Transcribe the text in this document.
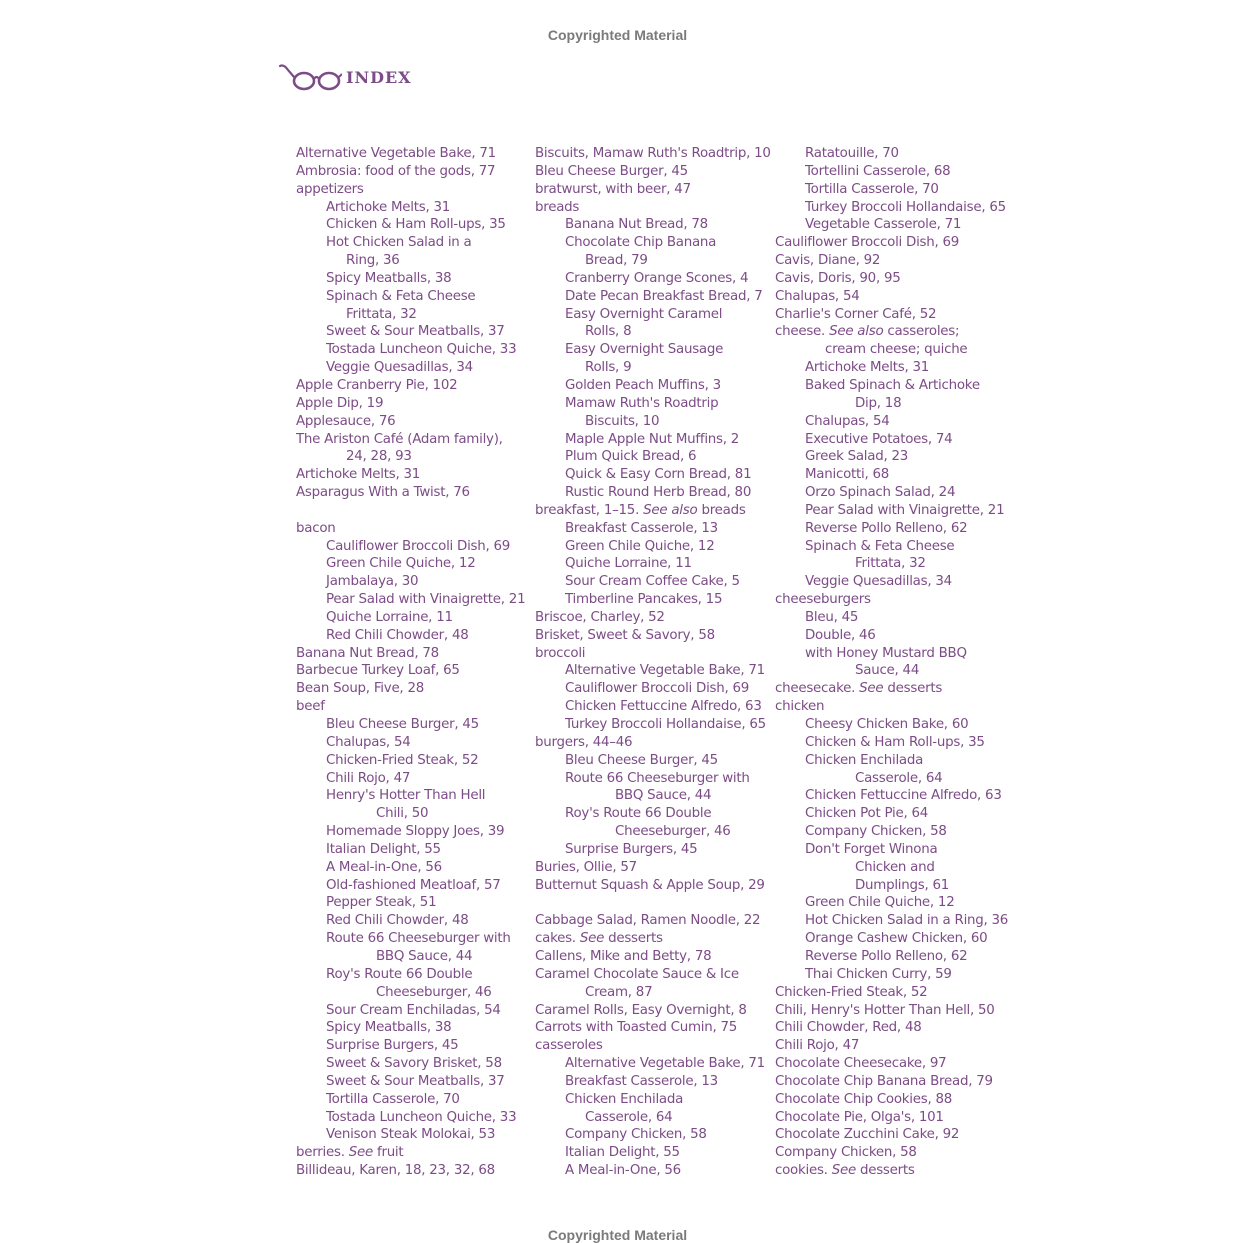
Copyrighted Material
INDEX
Alternative Vegetable Bake, 71
Ambrosia: food of the gods, 77
appetizers
Artichoke Melts, 31
Chicken & Ham Roll-ups, 35
Hot Chicken Salad in a
Ring, 36
Spicy Meatballs, 38
Spinach & Feta Cheese
Frittata, 32
Sweet & Sour Meatballs, 37
Tostada Luncheon Quiche, 33
Veggie Quesadillas, 34
Apple Cranberry Pie, 102
Apple Dip, 19
Applesauce, 76
The Ariston Café (Adam family),
24, 28, 93
Artichoke Melts, 31
Asparagus With a Twist, 76
bacon
Cauliflower Broccoli Dish, 69
Green Chile Quiche, 12
Jambalaya, 30
Pear Salad with Vinaigrette, 21
Quiche Lorraine, 11
Red Chili Chowder, 48
Banana Nut Bread, 78
Barbecue Turkey Loaf, 65
Bean Soup, Five, 28
beef
Bleu Cheese Burger, 45
Chalupas, 54
Chicken-Fried Steak, 52
Chili Rojo, 47
Henry's Hotter Than Hell
Chili, 50
Homemade Sloppy Joes, 39
Italian Delight, 55
A Meal-in-One, 56
Old-fashioned Meatloaf, 57
Pepper Steak, 51
Red Chili Chowder, 48
Route 66 Cheeseburger with
BBQ Sauce, 44
Roy's Route 66 Double
Cheeseburger, 46
Sour Cream Enchiladas, 54
Spicy Meatballs, 38
Surprise Burgers, 45
Sweet & Savory Brisket, 58
Sweet & Sour Meatballs, 37
Tortilla Casserole, 70
Tostada Luncheon Quiche, 33
Venison Steak Molokai, 53
berries. See fruit
Billideau, Karen, 18, 23, 32, 68
Biscuits, Mamaw Ruth's Roadtrip, 10
Bleu Cheese Burger, 45
bratwurst, with beer, 47
breads
Banana Nut Bread, 78
Chocolate Chip Banana
Bread, 79
Cranberry Orange Scones, 4
Date Pecan Breakfast Bread, 7
Easy Overnight Caramel
Rolls, 8
Easy Overnight Sausage
Rolls, 9
Golden Peach Muffins, 3
Mamaw Ruth's Roadtrip
Biscuits, 10
Maple Apple Nut Muffins, 2
Plum Quick Bread, 6
Quick & Easy Corn Bread, 81
Rustic Round Herb Bread, 80
breakfast, 1–15. See also breads
Breakfast Casserole, 13
Green Chile Quiche, 12
Quiche Lorraine, 11
Sour Cream Coffee Cake, 5
Timberline Pancakes, 15
Briscoe, Charley, 52
Brisket, Sweet & Savory, 58
broccoli
Alternative Vegetable Bake, 71
Cauliflower Broccoli Dish, 69
Chicken Fettuccine Alfredo, 63
Turkey Broccoli Hollandaise, 65
burgers, 44–46
Bleu Cheese Burger, 45
Route 66 Cheeseburger with
BBQ Sauce, 44
Roy's Route 66 Double
Cheeseburger, 46
Surprise Burgers, 45
Buries, Ollie, 57
Butternut Squash & Apple Soup, 29
Cabbage Salad, Ramen Noodle, 22
cakes. See desserts
Callens, Mike and Betty, 78
Caramel Chocolate Sauce & Ice
Cream, 87
Caramel Rolls, Easy Overnight, 8
Carrots with Toasted Cumin, 75
casseroles
Alternative Vegetable Bake, 71
Breakfast Casserole, 13
Chicken Enchilada
Casserole, 64
Company Chicken, 58
Italian Delight, 55
A Meal-in-One, 56
Ratatouille, 70
Tortellini Casserole, 68
Tortilla Casserole, 70
Turkey Broccoli Hollandaise, 65
Vegetable Casserole, 71
Cauliflower Broccoli Dish, 69
Cavis, Diane, 92
Cavis, Doris, 90, 95
Chalupas, 54
Charlie's Corner Café, 52
cheese. See also casseroles;
cream cheese; quiche
Artichoke Melts, 31
Baked Spinach & Artichoke
Dip, 18
Chalupas, 54
Executive Potatoes, 74
Greek Salad, 23
Manicotti, 68
Orzo Spinach Salad, 24
Pear Salad with Vinaigrette, 21
Reverse Pollo Relleno, 62
Spinach & Feta Cheese
Frittata, 32
Veggie Quesadillas, 34
cheeseburgers
Bleu, 45
Double, 46
with Honey Mustard BBQ
Sauce, 44
cheesecake. See desserts
chicken
Cheesy Chicken Bake, 60
Chicken & Ham Roll-ups, 35
Chicken Enchilada
Casserole, 64
Chicken Fettuccine Alfredo, 63
Chicken Pot Pie, 64
Company Chicken, 58
Don't Forget Winona
Chicken and
Dumplings, 61
Green Chile Quiche, 12
Hot Chicken Salad in a Ring, 36
Orange Cashew Chicken, 60
Reverse Pollo Relleno, 62
Thai Chicken Curry, 59
Chicken-Fried Steak, 52
Chili, Henry's Hotter Than Hell, 50
Chili Chowder, Red, 48
Chili Rojo, 47
Chocolate Cheesecake, 97
Chocolate Chip Banana Bread, 79
Chocolate Chip Cookies, 88
Chocolate Pie, Olga's, 101
Chocolate Zucchini Cake, 92
Company Chicken, 58
cookies. See desserts
Copyrighted Material
